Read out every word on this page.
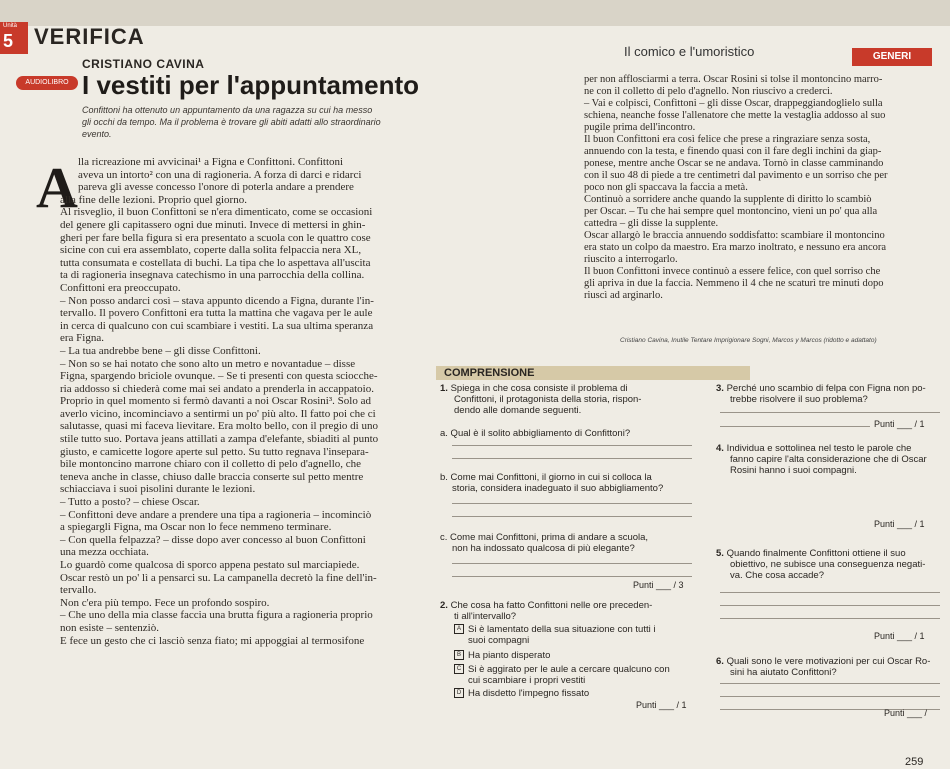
Unità
5 VERIFICA
Il comico e l'umoristico	GENERI
CRISTIANO CAVINA
AUDIOLIBRO I vestiti per l'appuntamento
Confittoni ha ottenuto un appuntamento da una ragazza su cui ha messo
gli occhi da tempo. Ma il problema è trovare gli abiti adatti allo straordinario
evento.
A lla ricreazione mi avvicinai¹ a Figna e Confittoni. Confittoni
aveva un intorto² con una di ragioneria. A forza di darci e ridarci
pareva gli avesse concesso l'onore di poterla andare a prendere
alla fine delle lezioni. Proprio quel giorno.
Al risveglio, il buon Confittoni se n'era dimenticato, come se occasioni
del genere gli capitassero ogni due minuti. Invece di mettersi in ghin-
gheri per fare bella figura si era presentato a scuola con le quattro cose
sicine con cui era assemblato, coperte dalla solita felpaccia nera XL,
tutta consumata e costellata di buchi. La tipa che lo aspettava all'uscita
ta di ragioneria insegnava catechismo in una parrocchia della collina.
Confittoni era preoccupato.
– Non posso andarci così – stava appunto dicendo a Figna, durante l'in-
tervallo. Il povero Confittoni era tutta la mattina che vagava per le aule
in cerca di qualcuno con cui scambiare i vestiti. La sua ultima speranza
era Figna.
– La tua andrebbe bene – gli disse Confittoni.
– Non so se hai notato che sono alto un metro e novantadue – disse
Figna, spargendo briciole ovunque. – Se ti presenti con questa sciocche-
ria addosso si chiederà come mai sei andato a prenderla in accappatoio.
Proprio in quel momento si fermò davanti a noi Oscar Rosini³. Solo ad
averlo vicino, incominciavo a sentirmi un po' più alto. Il fatto poi che ci
salutasse, quasi mi faceva lievitare. Era molto bello, con il pregio di uno
stile tutto suo. Portava jeans attillati a zampa d'elefante, sbiaditi al punto
giusto, e camicette logore aperte sul petto. Su tutto regnava l'insepara-
bile montoncino marrone chiaro con il colletto di pelo d'agnello, che
teneva anche in classe, chiuso dalle braccia conserte sul petto mentre
schiacciava i suoi pisolini durante le lezioni.
– Tutto a posto? – chiese Oscar.
– Confittoni deve andare a prendere una tipa a ragioneria – incominciò
a spiegargli Figna, ma Oscar non lo fece nemmeno terminare.
– Con quella felpazza? – disse dopo aver concesso al buon Confittoni
una mezza occhiata.
Lo guardò come qualcosa di sporco appena pestato sul marciapiede.
Oscar restò un po' lì a pensarci su. La campanella decretò la fine dell'in-
tervallo.
Non c'era più tempo. Fece un profondo sospiro.
– Che uno della mia classe faccia una brutta figura a ragioneria proprio
non esiste – sentenziò.
E fece un gesto che ci lasciò senza fiato; mi appoggiai al termosifone
per non afflosciarmi a terra. Oscar Rosini si tolse il montoncino marro-
ne con il colletto di pelo d'agnello. Non riuscivo a crederci.
– Vai e colpisci, Confittoni – gli disse Oscar, drappeggiandoglielo sulla
schiena, neanche fosse l'allenatore che mette la vestaglia addosso al suo
pugile prima dell'incontro.
Il buon Confittoni era così felice che prese a ringraziare senza sosta,
annuendo con la testa, e finendo quasi con il fare degli inchini da giap-
ponese, mentre anche Oscar se ne andava. Tornò in classe camminando
con il suo 48 di piede a tre centimetri dal pavimento e un sorriso che per
poco non gli spaccava la faccia a metà.
Continuò a sorridere anche quando la supplente di diritto lo scambiò
per Oscar. – Tu che hai sempre quel montoncino, vieni un po' qua alla
cattedra – gli disse la supplente.
Oscar allargò le braccia annuendo soddisfatto: scambiare il montoncino
era stato un colpo da maestro. Era marzo inoltrato, e nessuno era ancora
riuscito a interrogarlo.
Il buon Confittoni invece continuò a essere felice, con quel sorriso che
gli apriva in due la faccia. Nemmeno il 4 che ne scaturì tre minuti dopo
riuscì ad arginarlo.
Cristiano Cavina, Inutile Tentare Imprigionare Sogni, Marcos y Marcos (ridotto e adattato)
COMPRENSIONE
1. Spiega in che cosa consiste il problema di
Confittoni, il protagonista della storia, rispon-
dendo alle domande seguenti.
a. Qual è il solito abbigliamento di Confittoni?
b. Come mai Confittoni, il giorno in cui si colloca la
storia, considera inadeguato il suo abbigliamento?
c. Come mai Confittoni, prima di andare a scuola,
non ha indossato qualcosa di più elegante?
Punti ___ / 3
2. Che cosa ha fatto Confittoni nelle ore preceden-
ti all'intervallo?
A Si è lamentato della sua situazione con tutti i
suoi compagni
B Ha pianto disperato
C Si è aggirato per le aule a cercare qualcuno con
cui scambiare i propri vestiti
D Ha disdetto l'impegno fissato
Punti ___ / 1
3. Perché uno scambio di felpa con Figna non po-
trebbe risolvere il suo problema?
Punti ___ / 1
4. Individua e sottolinea nel testo le parole che
fanno capire l'alta considerazione che di Oscar
Rosini hanno i suoi compagni.
Punti ___ / 1
5. Quando finalmente Confittoni ottiene il suo
obiettivo, ne subisce una conseguenza negati-
va. Che cosa accade?
Punti ___ / 1
6. Quali sono le vere motivazioni per cui Oscar Ro-
sini ha aiutato Confittoni?
Punti ___ /
259
